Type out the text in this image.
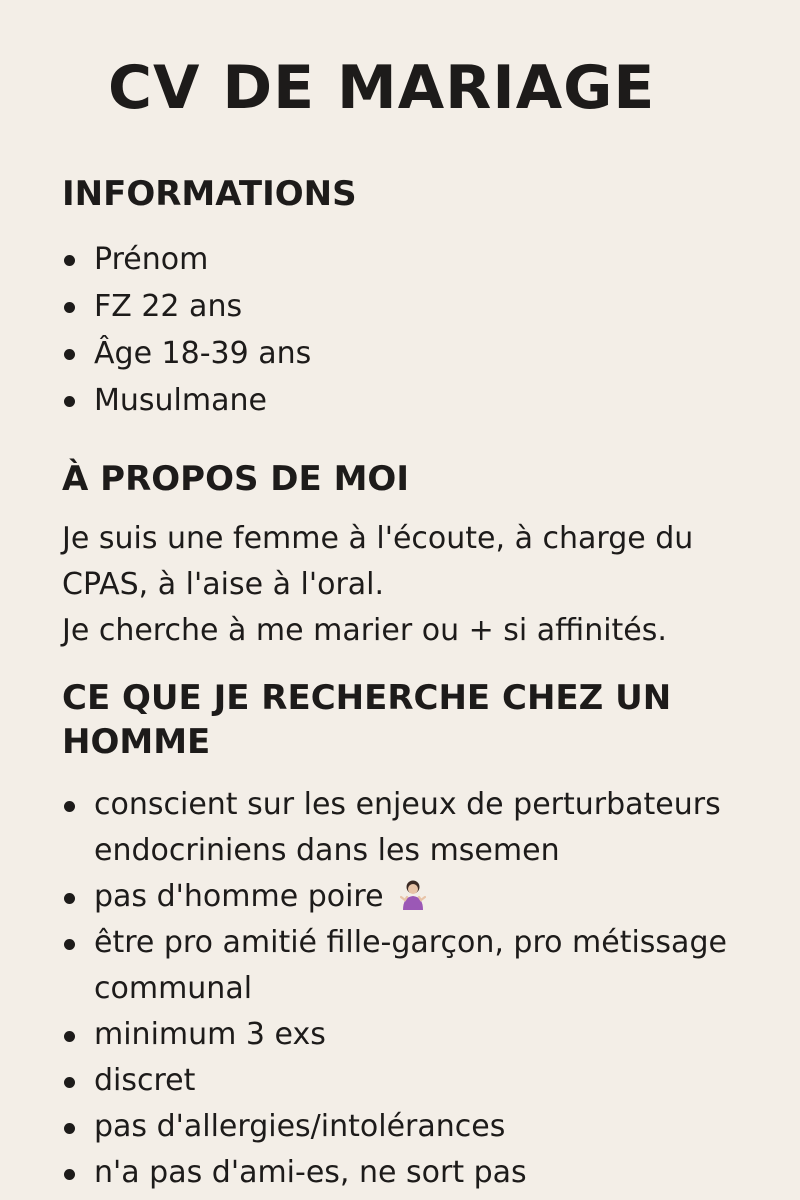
CV DE MARIAGE
INFORMATIONS
Prénom
FZ 22 ans
Âge 18-39 ans
Musulmane
À PROPOS DE MOI

Je suis une femme à l'écoute, à charge du
CPAS, à l'aise à l'oral.
Je cherche à me marier ou + si affinités.

CE QUE JE RECHERCHE CHEZ UN HOMME
conscient sur les enjeux de perturbateurs
endocriniens dans les msemen
pas d'homme poire
être pro amitié fille-garçon, pro métissage
communal
minimum 3 exs
discret
pas d'allergies/intolérances
n'a pas d'ami-es, ne sort pas
